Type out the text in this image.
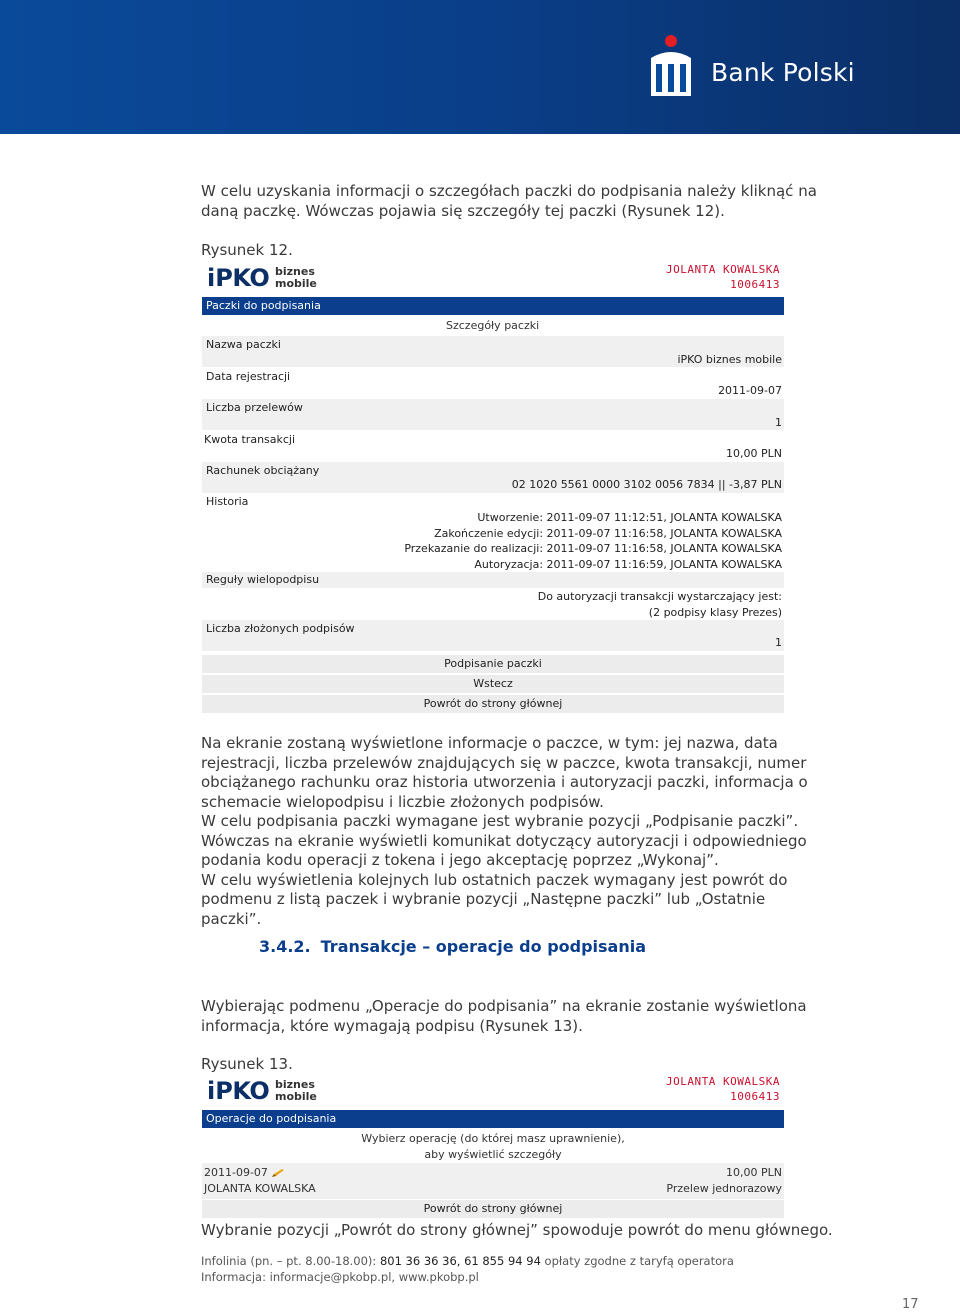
Bank Polski

W celu uzyskania informacji o szczegółach paczki do podpisania należy kliknąć na daną paczkę. Wówczas pojawia się szczegóły tej paczki (Rysunek 12).

Rysunek 12.
iPKO biznes
mobile
JOLANTA KOWALSKA
1006413
Paczki do podpisania
Szczegóły paczki
Nazwa paczki
iPKO biznes mobile
Data rejestracji
2011-09-07
Liczba przelewów
1
Kwota transakcji
10,00 PLN
Rachunek obciążany
02 1020 5561 0000 3102 0056 7834 || -3,87 PLN
Historia
Utworzenie: 2011-09-07 11:12:51, JOLANTA KOWALSKA
Zakończenie edycji: 2011-09-07 11:16:58, JOLANTA KOWALSKA
Przekazanie do realizacji: 2011-09-07 11:16:58, JOLANTA KOWALSKA
Autoryzacja: 2011-09-07 11:16:59, JOLANTA KOWALSKA
Reguły wielopodpisu
Do autoryzacji transakcji wystarczający jest:
(2 podpisy klasy Prezes)
Liczba złożonych podpisów
1
Podpisanie paczki
Wstecz
Powrót do strony głównej
Na ekranie zostaną wyświetlone informacje o paczce, w tym: jej nazwa, data rejestracji, liczba przelewów znajdujących się w paczce, kwota transakcji, numer obciążanego rachunku oraz historia utworzenia i autoryzacji paczki, informacja o schemacie wielopodpisu i liczbie złożonych podpisów.
W celu podpisania paczki wymagane jest wybranie pozycji „Podpisanie paczki”. Wówczas na ekranie wyświetli komunikat dotyczący autoryzacji i odpowiedniego podania kodu operacji z tokena i jego akceptację poprzez „Wykonaj”.
W celu wyświetlenia kolejnych lub ostatnich paczek wymagany jest powrót do podmenu z listą paczek i wybranie pozycji „Następne paczki” lub „Ostatnie paczki”.
3.4.2. Transakcje – operacje do podpisania

Wybierając podmenu „Operacje do podpisania” na ekranie zostanie wyświetlona informacja, które wymagają podpisu (Rysunek 13).

Rysunek 13.
iPKO biznes
mobile
JOLANTA KOWALSKA
1006413
Operacje do podpisania
Wybierz operację (do której masz uprawnienie),
aby wyświetlić szczegóły
2011-09-07
JOLANTA KOWALSKA
10,00 PLN
Przelew jednorazowy
Powrót do strony głównej

Wybranie pozycji „Powrót do strony głównej” spowoduje powrót do menu głównego.

Infolinia (pn. – pt. 8.00-18.00): 801 36 36 36, 61 855 94 94 opłaty zgodne z taryfą operatora
Informacja: informacje@pkobp.pl, www.pkobp.pl
17
